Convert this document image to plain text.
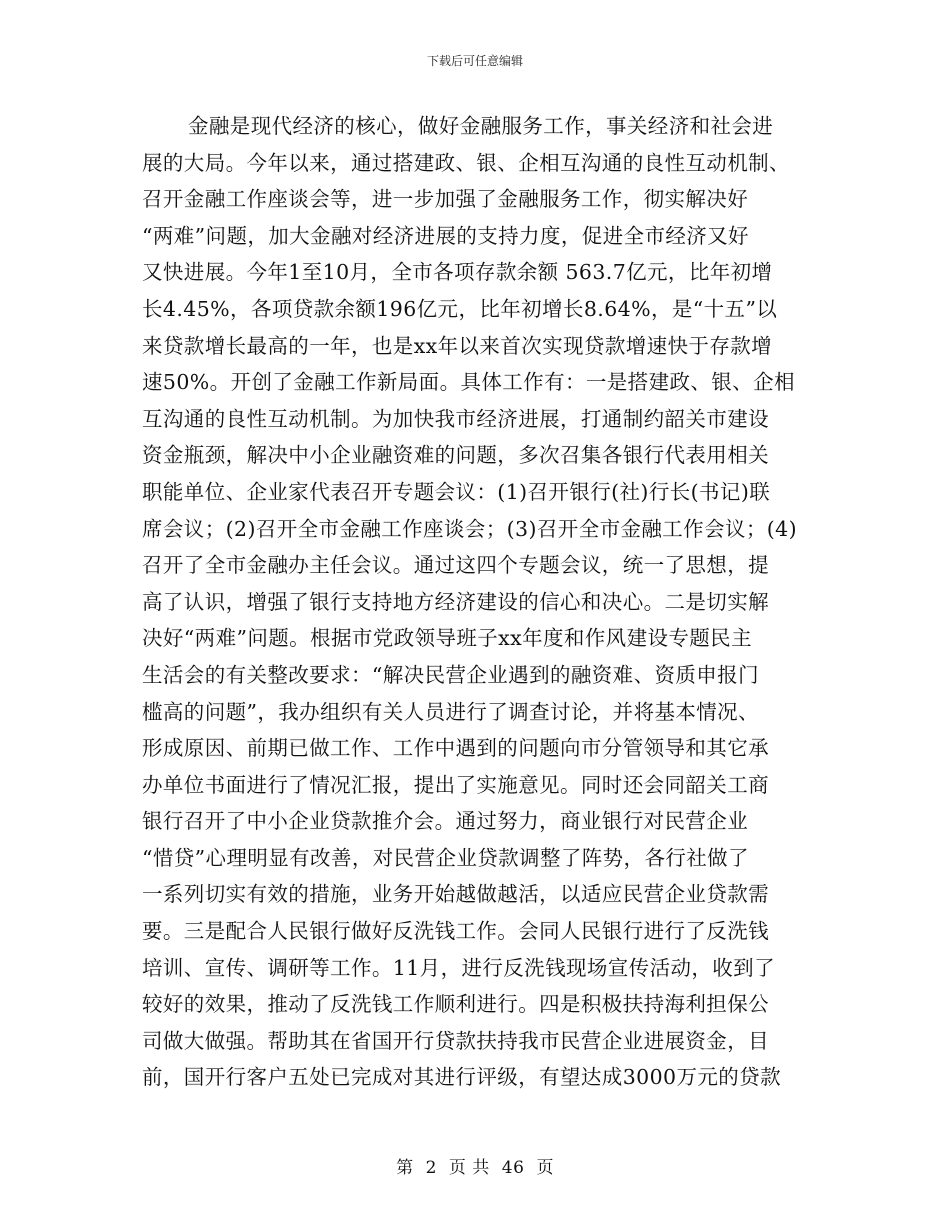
下载后可任意编辑
金融是现代经济的核心，做好金融服务工作，事关经济和社会进
展的大局。今年以来，通过搭建政、银、企相互沟通的良性互动机制、
召开金融工作座谈会等，进一步加强了金融服务工作，彻实解决好
“两难”问题，加大金融对经济进展的支持力度，促进全市经济又好
又快进展。今年1至10月，全市各项存款余额 563.7亿元，比年初增
长4.45%，各项贷款余额196亿元，比年初增长8.64%，是“十五”以
来贷款增长最高的一年，也是xx年以来首次实现贷款增速快于存款增
速50%。开创了金融工作新局面。具体工作有：一是搭建政、银、企相
互沟通的良性互动机制。为加快我市经济进展，打通制约韶关市建设
资金瓶颈，解决中小企业融资难的问题，多次召集各银行代表用相关
职能单位、企业家代表召开专题会议：(1)召开银行(社)行长(书记)联
席会议；(2)召开全市金融工作座谈会；(3)召开全市金融工作会议；(4)
召开了全市金融办主任会议。通过这四个专题会议，统一了思想，提
高了认识，增强了银行支持地方经济建设的信心和决心。二是切实解
决好“两难”问题。根据市党政领导班子xx年度和作风建设专题民主
生活会的有关整改要求：“解决民营企业遇到的融资难、资质申报门
槛高的问题”，我办组织有关人员进行了调查讨论，并将基本情况、
形成原因、前期已做工作、工作中遇到的问题向市分管领导和其它承
办单位书面进行了情况汇报，提出了实施意见。同时还会同韶关工商
银行召开了中小企业贷款推介会。通过努力，商业银行对民营企业
“惜贷”心理明显有改善，对民营企业贷款调整了阵势，各行社做了
一系列切实有效的措施，业务开始越做越活，以适应民营企业贷款需
要。三是配合人民银行做好反洗钱工作。会同人民银行进行了反洗钱
培训、宣传、调研等工作。11月，进行反洗钱现场宣传活动，收到了
较好的效果，推动了反洗钱工作顺利进行。四是积极扶持海利担保公
司做大做强。帮助其在省国开行贷款扶持我市民营企业进展资金，目
前，国开行客户五处已完成对其进行评级，有望达成3000万元的贷款
第 2 页 共 46 页
